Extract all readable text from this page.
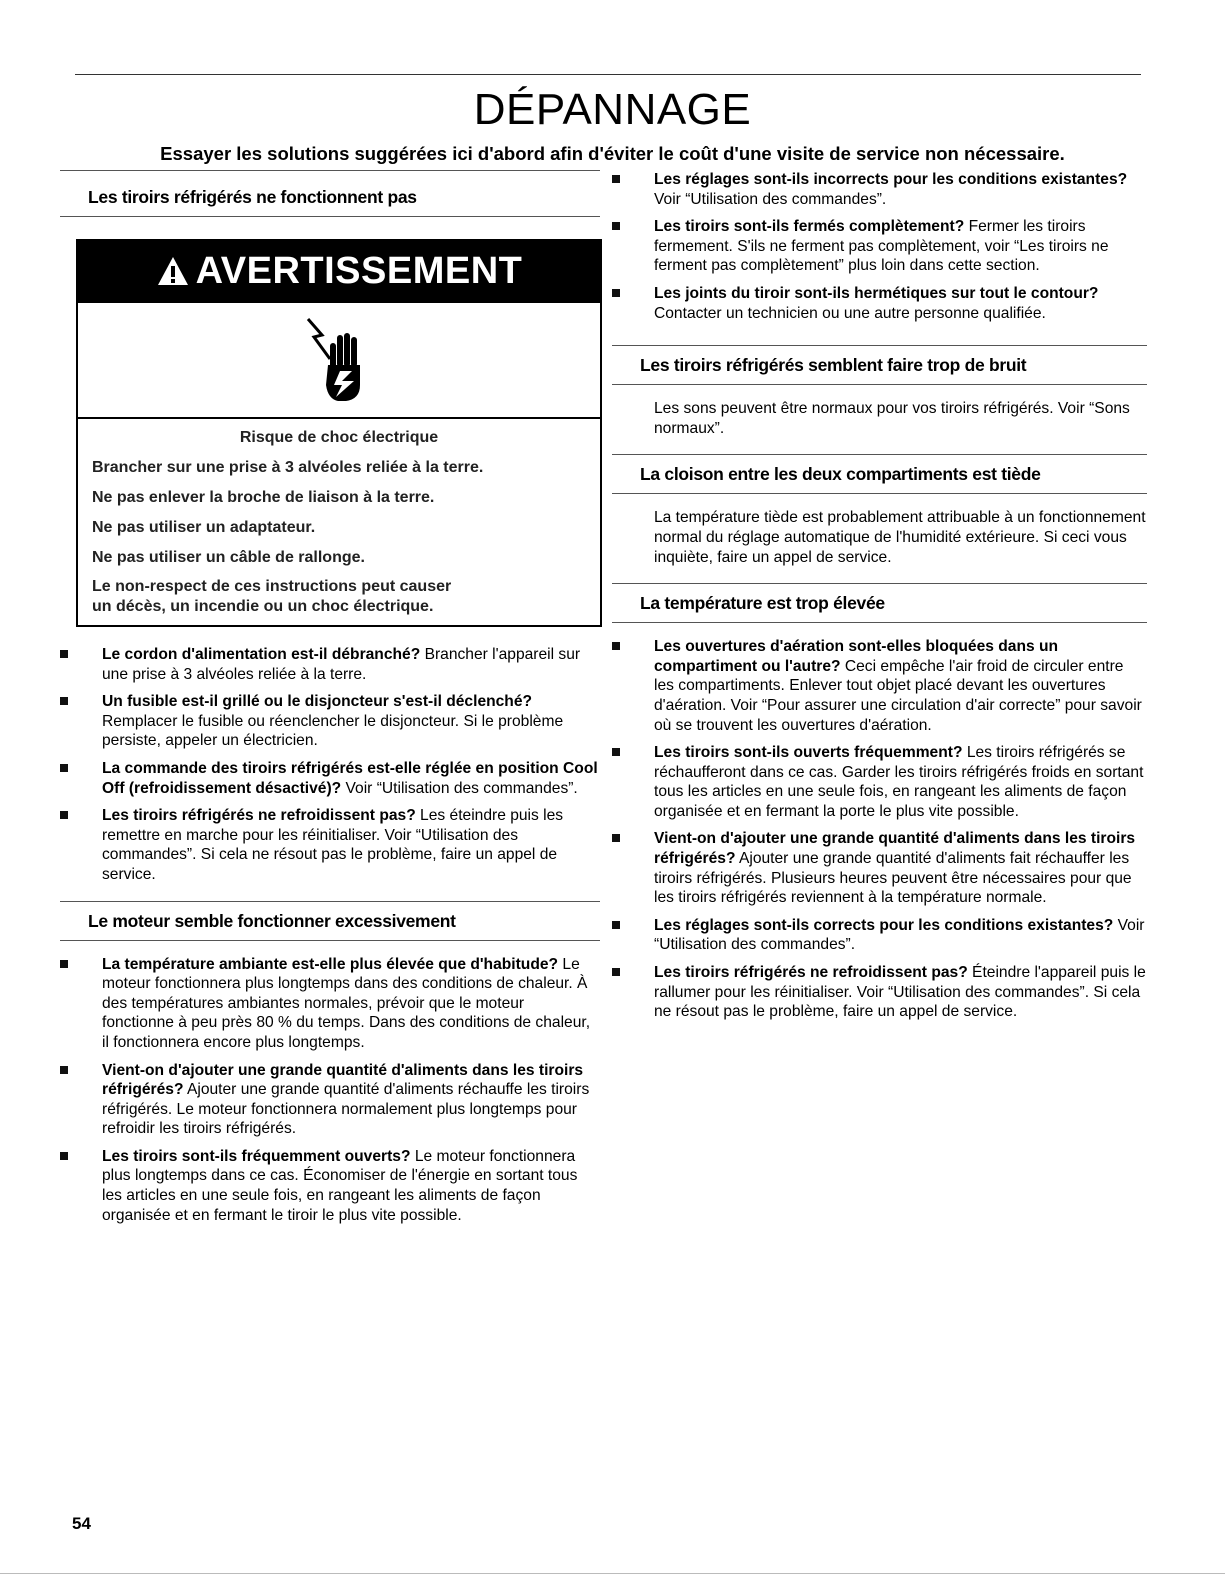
DÉPANNAGE
Essayer les solutions suggérées ici d'abord afin d'éviter le coût d'une visite de service non nécessaire.
Les tiroirs réfrigérés ne fonctionnent pas
AVERTISSEMENT
Risque de choc électrique
Brancher sur une prise à 3 alvéoles reliée à la terre.
Ne pas enlever la broche de liaison à la terre.
Ne pas utiliser un adaptateur.
Ne pas utiliser un câble de rallonge.
Le non-respect de ces instructions peut causer
un décès, un incendie ou un choc électrique.
Le cordon d'alimentation est-il débranché? Brancher l'appareil sur une prise à 3 alvéoles reliée à la terre.
Un fusible est-il grillé ou le disjoncteur s'est-il déclenché? Remplacer le fusible ou réenclencher le disjoncteur. Si le problème persiste, appeler un électricien.
La commande des tiroirs réfrigérés est-elle réglée en position Cool Off (refroidissement désactivé)? Voir “Utilisation des commandes”.
Les tiroirs réfrigérés ne refroidissent pas? Les éteindre puis les remettre en marche pour les réinitialiser. Voir “Utilisation des commandes”. Si cela ne résout pas le problème, faire un appel de service.
Le moteur semble fonctionner excessivement
La température ambiante est-elle plus élevée que d'habitude? Le moteur fonctionnera plus longtemps dans des conditions de chaleur. À des températures ambiantes normales, prévoir que le moteur fonctionne à peu près 80 % du temps. Dans des conditions de chaleur, il fonctionnera encore plus longtemps.
Vient-on d'ajouter une grande quantité d'aliments dans les tiroirs réfrigérés? Ajouter une grande quantité d'aliments réchauffe les tiroirs réfrigérés. Le moteur fonctionnera normalement plus longtemps pour refroidir les tiroirs réfrigérés.
Les tiroirs sont-ils fréquemment ouverts? Le moteur fonctionnera plus longtemps dans ce cas. Économiser de l'énergie en sortant tous les articles en une seule fois, en rangeant les aliments de façon organisée et en fermant le tiroir le plus vite possible.
Les réglages sont-ils incorrects pour les conditions existantes? Voir “Utilisation des commandes”.
Les tiroirs sont-ils fermés complètement? Fermer les tiroirs fermement. S'ils ne ferment pas complètement, voir “Les tiroirs ne ferment pas complètement” plus loin dans cette section.
Les joints du tiroir sont-ils hermétiques sur tout le contour? Contacter un technicien ou une autre personne qualifiée.
Les tiroirs réfrigérés semblent faire trop de bruit

Les sons peuvent être normaux pour vos tiroirs réfrigérés. Voir “Sons normaux”.

La cloison entre les deux compartiments est tiède

La température tiède est probablement attribuable à un fonctionnement normal du réglage automatique de l'humidité extérieure. Si ceci vous inquiète, faire un appel de service.

La température est trop élevée
Les ouvertures d'aération sont-elles bloquées dans un compartiment ou l'autre? Ceci empêche l'air froid de circuler entre les compartiments. Enlever tout objet placé devant les ouvertures d'aération. Voir “Pour assurer une circulation d'air correcte” pour savoir où se trouvent les ouvertures d'aération.
Les tiroirs sont-ils ouverts fréquemment? Les tiroirs réfrigérés se réchaufferont dans ce cas. Garder les tiroirs réfrigérés froids en sortant tous les articles en une seule fois, en rangeant les aliments de façon organisée et en fermant la porte le plus vite possible.
Vient-on d'ajouter une grande quantité d'aliments dans les tiroirs réfrigérés? Ajouter une grande quantité d'aliments fait réchauffer les tiroirs réfrigérés. Plusieurs heures peuvent être nécessaires pour que les tiroirs réfrigérés reviennent à la température normale.
Les réglages sont-ils corrects pour les conditions existantes? Voir “Utilisation des commandes”.
Les tiroirs réfrigérés ne refroidissent pas? Éteindre l'appareil puis le rallumer pour les réinitialiser. Voir “Utilisation des commandes”. Si cela ne résout pas le problème, faire un appel de service.
54
